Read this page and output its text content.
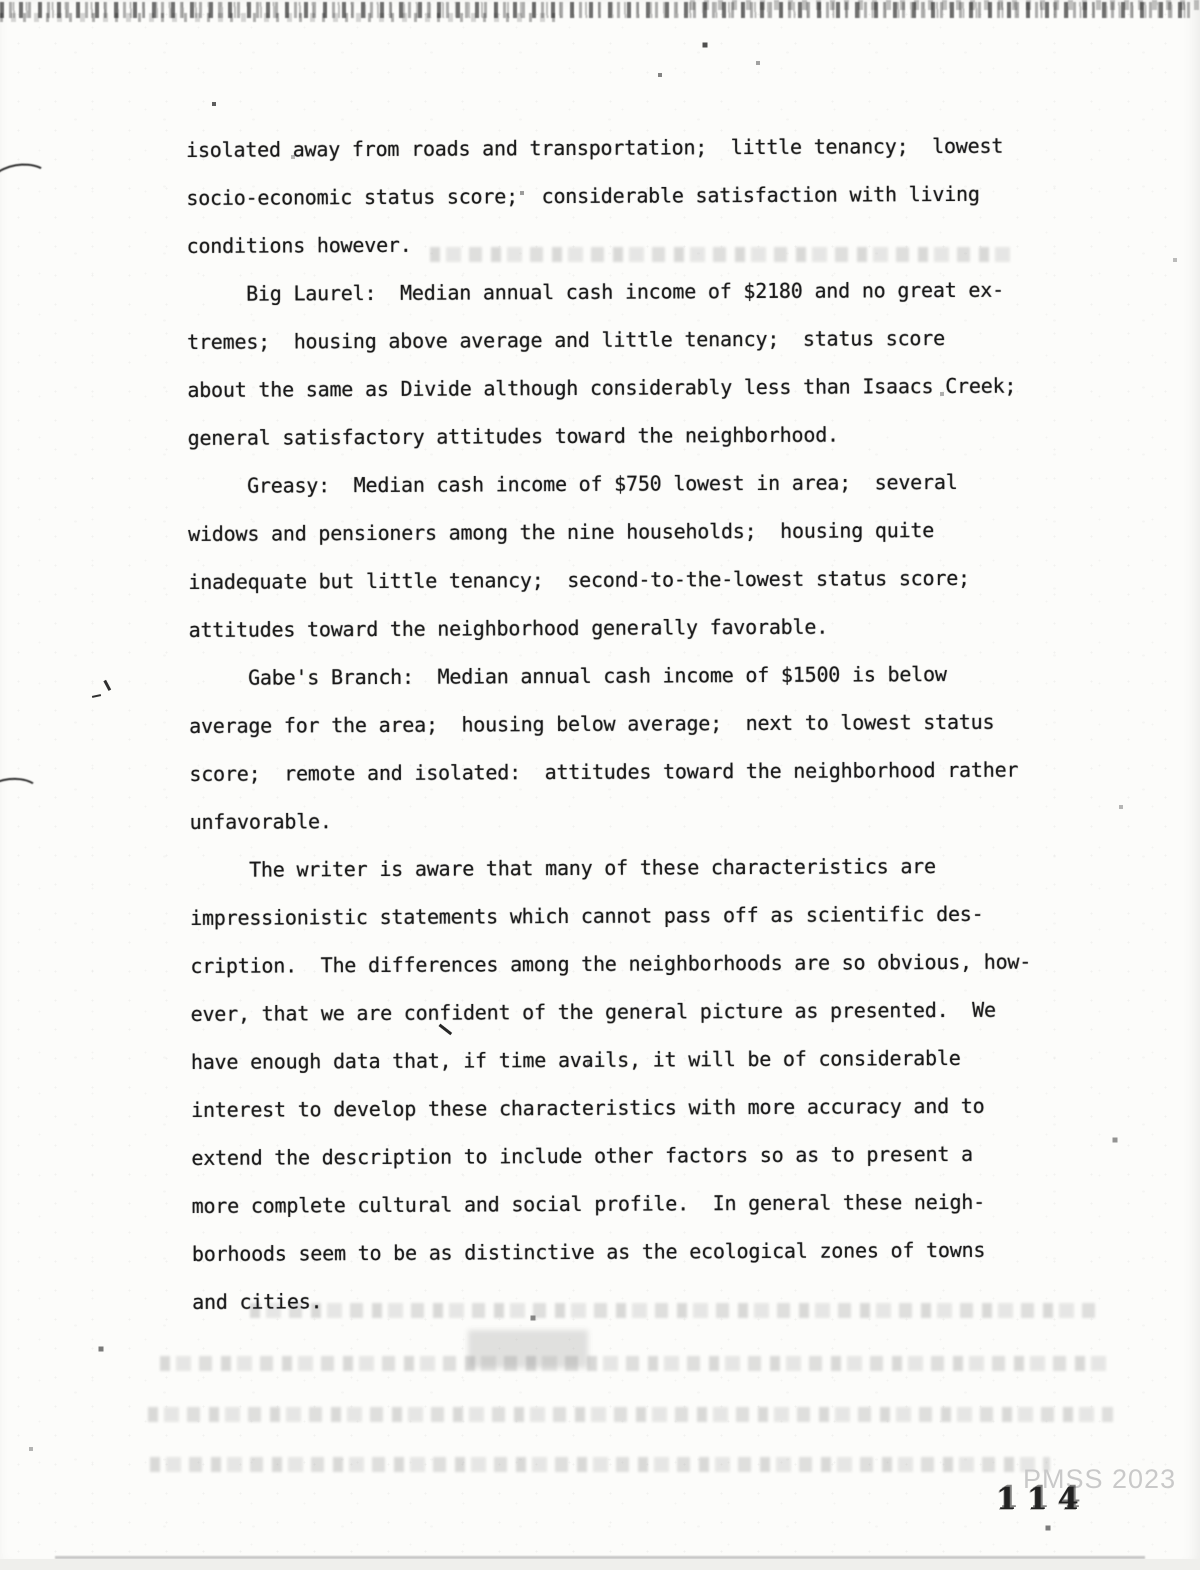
isolated away from roads and transportation;  little tenancy;  lowest
socio-economic status score;  considerable satisfaction with living
conditions however.
Big Laurel:  Median annual cash income of $2180 and no great ex-
tremes;  housing above average and little tenancy;  status score
about the same as Divide although considerably less than Isaacs Creek;
general satisfactory attitudes toward the neighborhood.
Greasy:  Median cash income of $750 lowest in area;  several
widows and pensioners among the nine households;  housing quite
inadequate but little tenancy;  second-to-the-lowest status score;
attitudes toward the neighborhood generally favorable.
Gabe's Branch:  Median annual cash income of $1500 is below
average for the area;  housing below average;  next to lowest status
score;  remote and isolated:  attitudes toward the neighborhood rather
unfavorable.
The writer is aware that many of these characteristics are
impressionistic statements which cannot pass off as scientific des-
cription.  The differences among the neighborhoods are so obvious, how-
ever, that we are confident of the general picture as presented.  We
have enough data that, if time avails, it will be of considerable
interest to develop these characteristics with more accuracy and to
extend the description to include other factors so as to present a
more complete cultural and social profile.  In general these neigh-
borhoods seem to be as distinctive as the ecological zones of towns
and cities.
PMSS 2023
114
